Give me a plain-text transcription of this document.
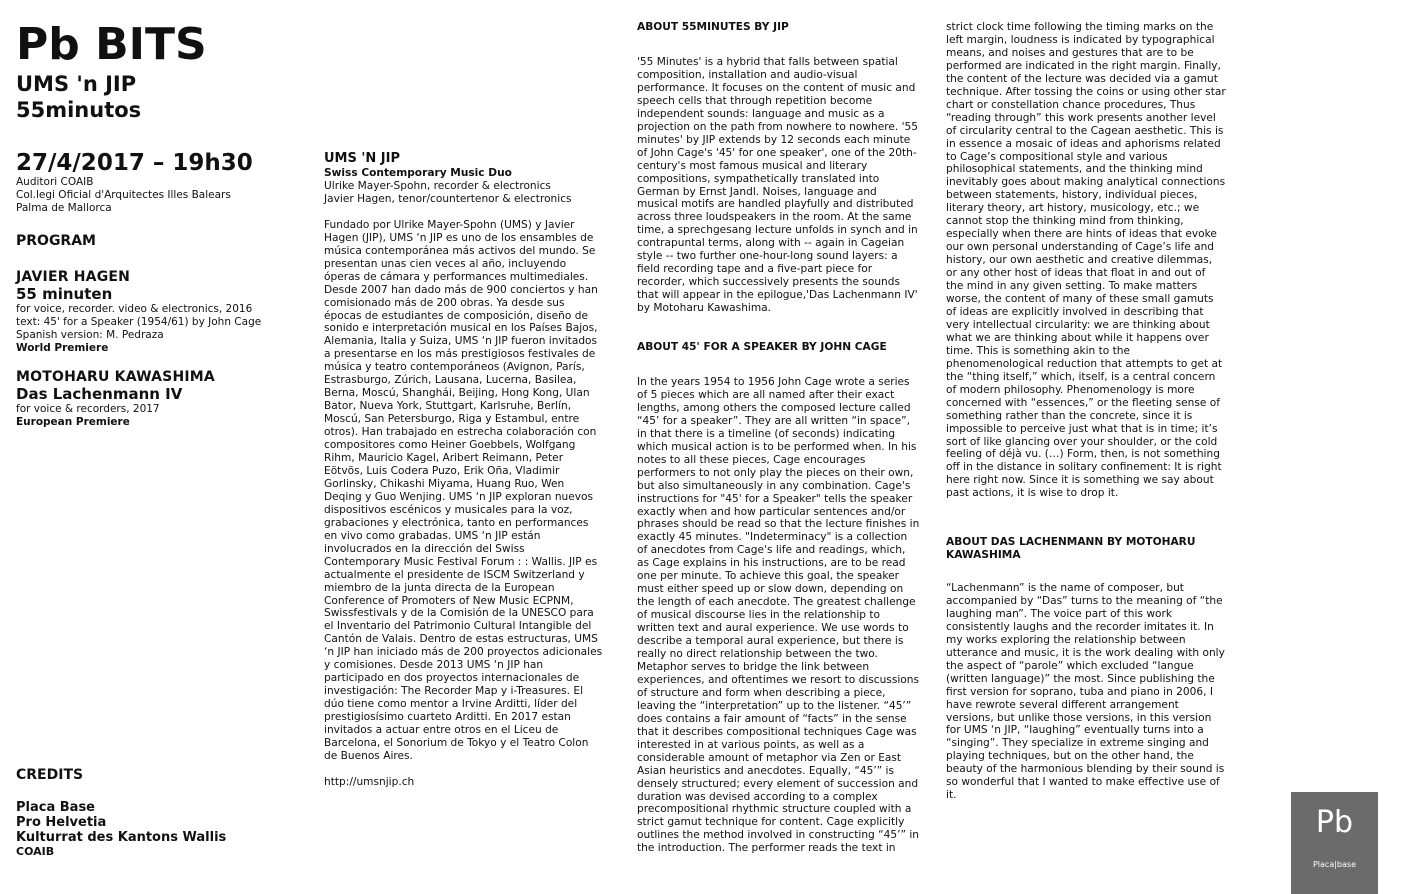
Pb BITS
UMS 'n JIP
55minutos
27/4/2017 – 19h30

Auditori COAIB

Col.legi Oficial d'Arquitectes Illes Balears

Palma de Mallorca

PROGRAM

JAVIER HAGEN

55 minuten

for voice, recorder. video & electronics, 2016

text: 45' for a Speaker (1954/61) by John Cage

Spanish version: M. Pedraza

World Premiere

MOTOHARU KAWASHIMA

Das Lachenmann IV

for voice & recorders, 2017

European Premiere

CREDITS

Placa Base

Pro Helvetia

Kulturrat des Kantons Wallis

COAIB

UMS 'N JIP

Swiss Contemporary Music Duo

Ulrike Mayer-Spohn, recorder & electronics

Javier Hagen, tenor/countertenor & electronics

Fundado por Ulrike Mayer-Spohn (UMS) y Javier Hagen (JIP), UMS ‘n JIP es uno de los ensambles de música contemporánea más activos del mundo. Se presentan unas cien veces al año, incluyendo óperas de cámara y performances multimediales. Desde 2007 han dado más de 900 conciertos y han comisionado más de 200 obras. Ya desde sus épocas de estudiantes de composición, diseño de sonido e interpretación musical en los Países Bajos, Alemania, Italia y Suiza, UMS ‘n JIP fueron invitados a presentarse en los más prestigiosos festivales de música y teatro contemporáneos (Avignon, París, Estrasburgo, Zúrich, Lausana, Lucerna, Basilea, Berna, Moscú, Shanghái, Beijing, Hong Kong, Ulan Bator, Nueva York, Stuttgart, Karlsruhe, Berlín, Moscú, San Petersburgo, Riga y Estambul, entre otros). Han trabajado en estrecha colaboración con compositores como Heiner Goebbels, Wolfgang Rihm, Mauricio Kagel, Aribert Reimann, Peter Eötvös, Luis Codera Puzo, Erik Oña, Vladimir Gorlinsky, Chikashi Miyama, Huang Ruo, Wen Deqing y Guo Wenjing. UMS ‘n JIP exploran nuevos dispositivos escénicos y musicales para la voz, grabaciones y electrónica, tanto en performances en vivo como grabadas. UMS ‘n JIP están involucrados en la dirección del Swiss Contemporary Music Festival Forum : : Wallis. JIP es actualmente el presidente de ISCM Switzerland y miembro de la junta directa de la European Conference of Promoters of New Music ECPNM, Swissfestivals y de la Comisión de la UNESCO para el Inventario del Patrimonio Cultural Intangible del Cantón de Valais. Dentro de estas estructuras, UMS ‘n JIP han iniciado más de 200 proyectos adicionales y comisiones. Desde 2013 UMS ‘n JIP han participado en dos proyectos internacionales de investigación: The Recorder Map y i-Treasures. El dúo tiene como mentor a Irvine Arditti, líder del prestigiosísimo cuarteto Arditti. En 2017 estan invitados a actuar entre otros en el Liceu de Barcelona, el Sonorium de Tokyo y el Teatro Colon de Buenos Aires.

http://umsnjip.ch

ABOUT 55MINUTES BY JIP

'55 Minutes' is a hybrid that falls between spatial composition, installation and audio-visual performance. It focuses on the content of music and speech cells that through repetition become independent sounds: language and music as a projection on the path from nowhere to nowhere. '55 minutes' by JIP extends by 12 seconds each minute of John Cage's '45' for one speaker', one of the 20th-century's most famous musical and literary compositions, sympathetically translated into German by Ernst Jandl. Noises, language and musical motifs are handled playfully and distributed across three loudspeakers in the room. At the same time, a sprechgesang lecture unfolds in synch and in contrapuntal terms, along with -- again in Cageian style -- two further one-hour-long sound layers: a field recording tape and a five-part piece for recorder, which successively presents the sounds that will appear in the epilogue,'Das Lachenmann IV' by Motoharu Kawashima.

ABOUT 45' FOR A SPEAKER BY JOHN CAGE

In the years 1954 to 1956 John Cage wrote a series of 5 pieces which are all named after their exact lengths, among others the composed lecture called “45’ for a speaker”. They are all written “in space”, in that there is a timeline (of seconds) indicating which musical action is to be performed when. In his notes to all these pieces, Cage encourages performers to not only play the pieces on their own, but also simultaneously in any combination. Cage's instructions for "45' for a Speaker" tells the speaker exactly when and how particular sentences and/or phrases should be read so that the lecture finishes in exactly 45 minutes. "Indeterminacy" is a collection of anecdotes from Cage's life and readings, which, as Cage explains in his instructions, are to be read one per minute. To achieve this goal, the speaker must either speed up or slow down, depending on the length of each anecdote. The greatest challenge of musical discourse lies in the relationship to written text and aural experience. We use words to describe a temporal aural experience, but there is really no direct relationship between the two. Metaphor serves to bridge the link between experiences, and oftentimes we resort to discussions of structure and form when describing a piece, leaving the “interpretation” up to the listener. “45’” does contains a fair amount of “facts” in the sense that it describes compositional techniques Cage was interested in at various points, as well as a considerable amount of metaphor via Zen or East Asian heuristics and anecdotes. Equally, “45’” is densely structured; every element of succession and duration was devised according to a complex precompositional rhythmic structure coupled with a strict gamut technique for content. Cage explicitly outlines the method involved in constructing “45’” in the introduction. The performer reads the text in

strict clock time following the timing marks on the left margin, loudness is indicated by typographical means, and noises and gestures that are to be performed are indicated in the right margin. Finally, the content of the lecture was decided via a gamut technique. After tossing the coins or using other star chart or constellation chance procedures, Thus “reading through” this work presents another level of circularity central to the Cagean aesthetic. This is in essence a mosaic of ideas and aphorisms related to Cage’s compositional style and various philosophical statements, and the thinking mind inevitably goes about making analytical connections between statements, history, individual pieces, literary theory, art history, musicology, etc.; we cannot stop the thinking mind from thinking, especially when there are hints of ideas that evoke our own personal understanding of Cage’s life and history, our own aesthetic and creative dilemmas, or any other host of ideas that float in and out of the mind in any given setting. To make matters worse, the content of many of these small gamuts of ideas are explicitly involved in describing that very intellectual circularity: we are thinking about what we are thinking about while it happens over time. This is something akin to the phenomenological reduction that attempts to get at the “thing itself,” which, itself, is a central concern of modern philosophy. Phenomenology is more concerned with “essences,” or the fleeting sense of something rather than the concrete, since it is impossible to perceive just what that is in time; it’s sort of like glancing over your shoulder, or the cold feeling of déjà vu. (…) Form, then, is not something off in the distance in solitary confinement: It is right here right now. Since it is something we say about past actions, it is wise to drop it.

ABOUT DAS LACHENMANN BY MOTOHARU KAWASHIMA

“Lachenmann” is the name of composer, but accompanied by “Das” turns to the meaning of “the laughing man”. The voice part of this work consistently laughs and the recorder imitates it. In my works exploring the relationship between utterance and music, it is the work dealing with only the aspect of “parole” which excluded “langue (written language)” the most. Since publishing the first version for soprano, tuba and piano in 2006, I have rewrote several different arrangement versions, but unlike those versions, in this version for UMS ‘n JIP, “laughing” eventually turns into a “singing”. They specialize in extreme singing and playing techniques, but on the other hand, the beauty of the harmonious blending by their sound is so wonderful that I wanted to make effective use of it.

Pb
Placa|base
